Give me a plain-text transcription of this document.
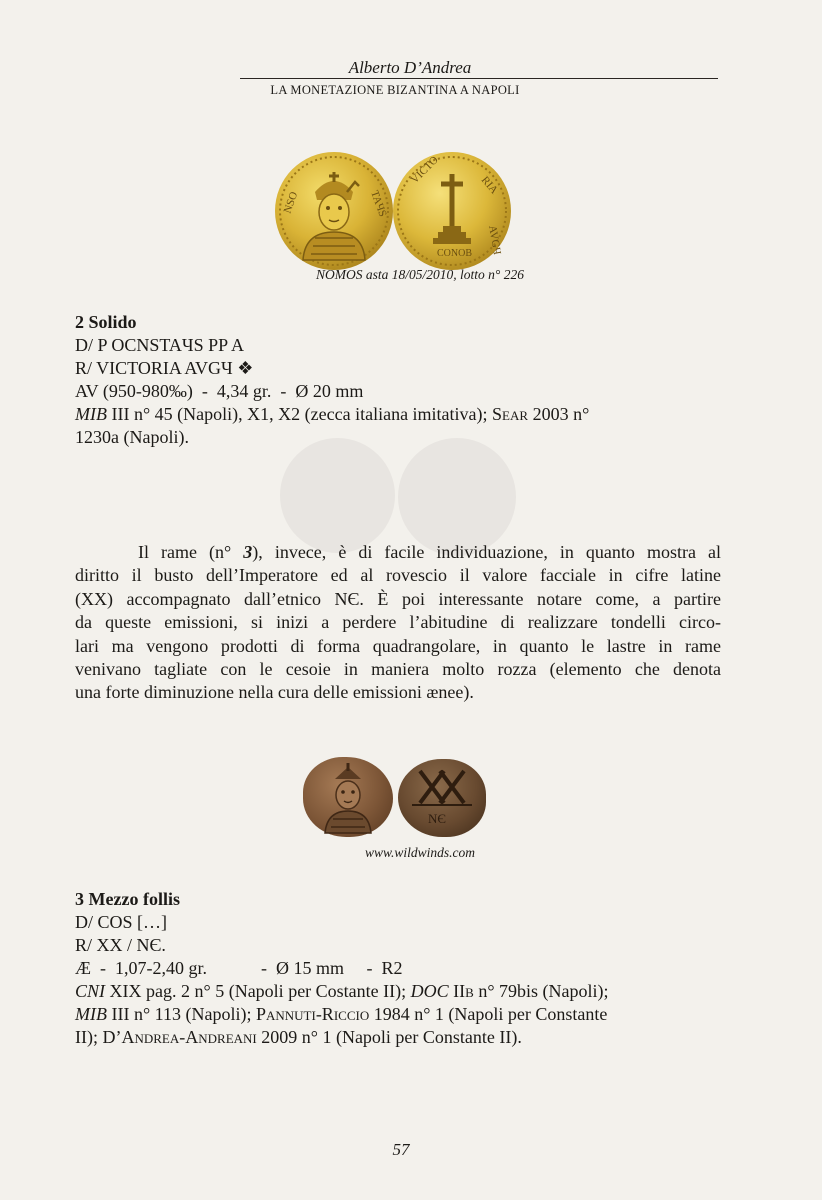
Alberto D’Andrea
LA MONETAZIONE BIZANTINA A NAPOLI
NSO	TAЧS
CONOB
VICTO	RIA
AVGЧ
NOMOS asta 18/05/2010, lotto n° 226
2 Solido
D/ P OCNSTAЧS PP A
R/ VICTORIA AVGЧ ❖
AV (950-980‰)  -  4,34 gr.  -  Ø 20 mm
MIB III n° 45 (Napoli), X1, X2 (zecca italiana imitativa); Sear 2003 n°
1230a (Napoli).
Il rame (n° 3), invece, è di facile individuazione, in quanto mostra al
diritto il busto dell’Imperatore ed al rovescio il valore facciale in cifre latine
(XX) accompagnato dall’etnico NЄ. È poi interessante notare come, a partire
da queste emissioni, si inizi a perdere l’abitudine di realizzare tondelli circo-
lari ma vengono prodotti di forma quadrangolare, in quanto le lastre in rame
venivano tagliate con le cesoie in maniera molto rozza (elemento che denota
una forte diminuzione nella cura delle emissioni ænee).
NЄ
www.wildwinds.com
3 Mezzo follis
D/ COS […]
R/ XX / NЄ.
Æ  -  1,07-2,40 gr.            -  Ø 15 mm     -  R2
CNI XIX pag. 2 n° 5 (Napoli per Costante II); DOC IIb n° 79bis (Napoli);
MIB III n° 113 (Napoli); Pannuti-Riccio 1984 n° 1 (Napoli per Constante
II); D’Andrea-Andreani 2009 n° 1 (Napoli per Constante II).
57
